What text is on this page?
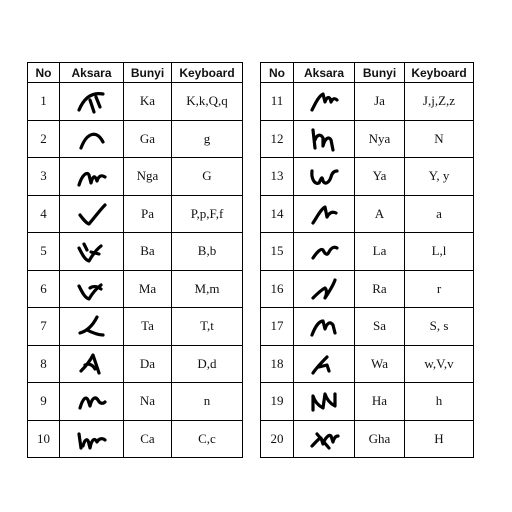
No	Aksara	Bunyi	Keyboard
1		Ka	K,k,Q,q
2		Ga	g
3		Nga	G
4		Pa	P,p,F,f
5		Ba	B,b
6		Ma	M,m
7		Ta	T,t
8		Da	D,d
9		Na	n
10		Ca	C,c
No	Aksara	Bunyi	Keyboard
11		Ja	J,j,Z,z
12		Nya	N
13		Ya	Y, y
14		A	a
15		La	L,l
16		Ra	r
17		Sa	S, s
18		Wa	w,V,v
19		Ha	h
20		Gha	H
